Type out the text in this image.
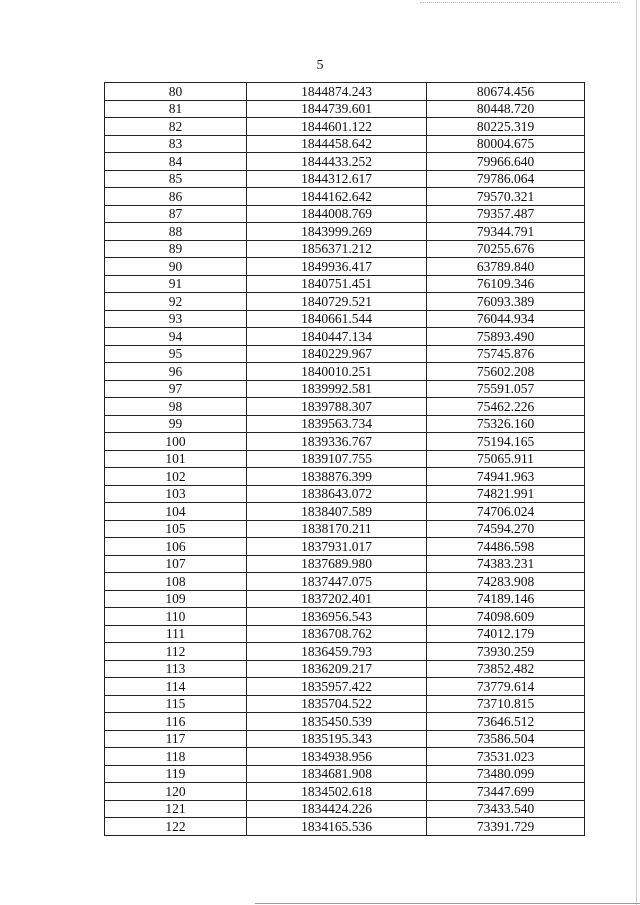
5
80	1844874.243	80674.456
81	1844739.601	80448.720
82	1844601.122	80225.319
83	1844458.642	80004.675
84	1844433.252	79966.640
85	1844312.617	79786.064
86	1844162.642	79570.321
87	1844008.769	79357.487
88	1843999.269	79344.791
89	1856371.212	70255.676
90	1849936.417	63789.840
91	1840751.451	76109.346
92	1840729.521	76093.389
93	1840661.544	76044.934
94	1840447.134	75893.490
95	1840229.967	75745.876
96	1840010.251	75602.208
97	1839992.581	75591.057
98	1839788.307	75462.226
99	1839563.734	75326.160
100	1839336.767	75194.165
101	1839107.755	75065.911
102	1838876.399	74941.963
103	1838643.072	74821.991
104	1838407.589	74706.024
105	1838170.211	74594.270
106	1837931.017	74486.598
107	1837689.980	74383.231
108	1837447.075	74283.908
109	1837202.401	74189.146
110	1836956.543	74098.609
111	1836708.762	74012.179
112	1836459.793	73930.259
113	1836209.217	73852.482
114	1835957.422	73779.614
115	1835704.522	73710.815
116	1835450.539	73646.512
117	1835195.343	73586.504
118	1834938.956	73531.023
119	1834681.908	73480.099
120	1834502.618	73447.699
121	1834424.226	73433.540
122	1834165.536	73391.729
